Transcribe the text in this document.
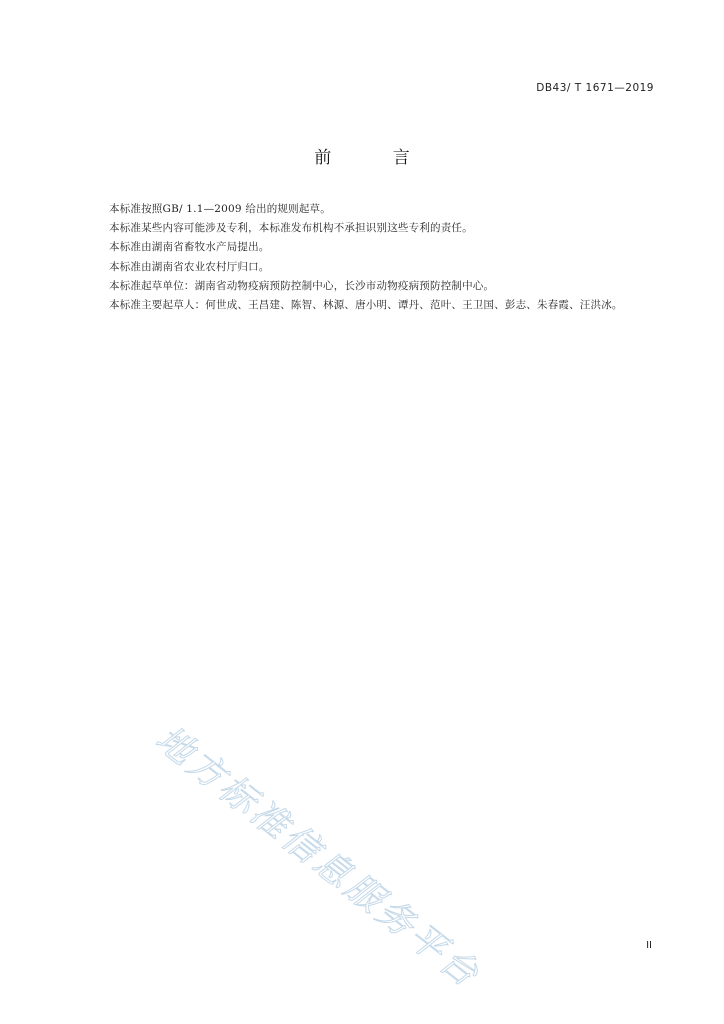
DB43/ T 1671—2019
前 言

本标准按照GB/ 1.1—2009 给出的规则起草。

本标准某些内容可能涉及专利，本标准发布机构不承担识别这些专利的责任。

本标准由湖南省畜牧水产局提出。

本标准由湖南省农业农村厅归口。

本标准起草单位：湖南省动物疫病预防控制中心，长沙市动物疫病预防控制中心。

本标准主要起草人：何世成、王昌建、陈智、林源、唐小明、谭丹、范叶、王卫国、彭志、朱春霞、汪洪冰。

地方标准信息服务平台	II
